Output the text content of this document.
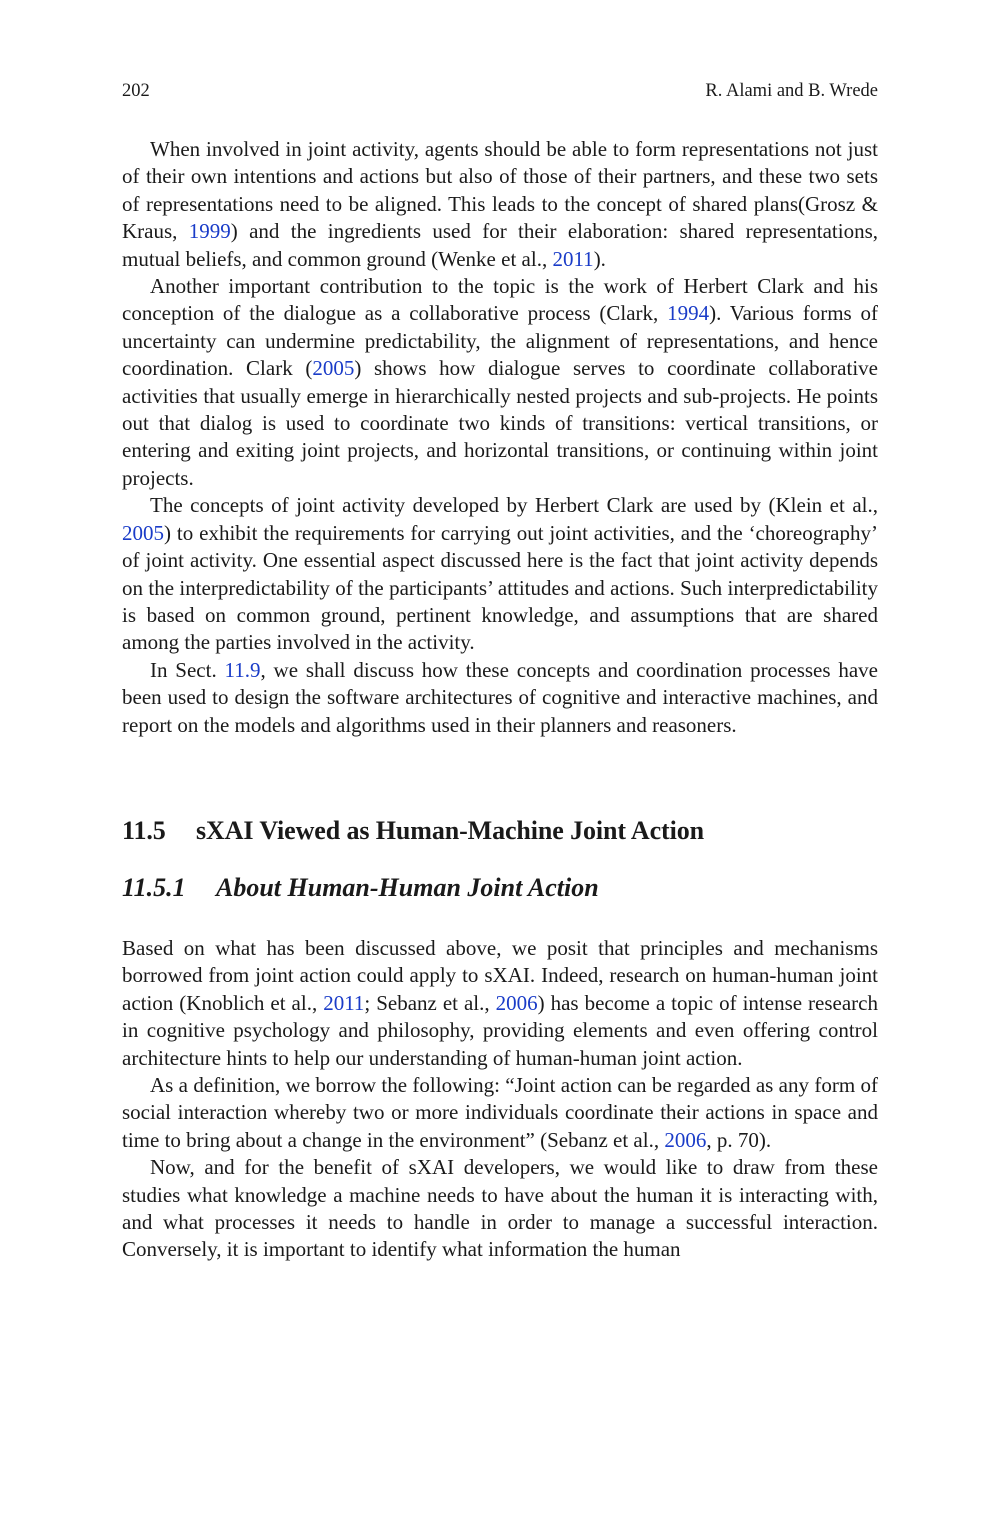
202	R. Alami and B. Wrede

When involved in joint activity, agents should be able to form representations not just of their own intentions and actions but also of those of their partners, and these two sets of representations need to be aligned. This leads to the concept of shared plans(Grosz & Kraus, 1999) and the ingredients used for their elaboration: shared representations, mutual beliefs, and common ground (Wenke et al., 2011).

Another important contribution to the topic is the work of Herbert Clark and his conception of the dialogue as a collaborative process (Clark, 1994). Various forms of uncertainty can undermine predictability, the alignment of representations, and hence coordination. Clark (2005) shows how dialogue serves to coordinate collaborative activities that usually emerge in hierarchically nested projects and sub-projects. He points out that dialog is used to coordinate two kinds of transitions: vertical transitions, or entering and exiting joint projects, and horizontal transitions, or continuing within joint projects.

The concepts of joint activity developed by Herbert Clark are used by (Klein et al., 2005) to exhibit the requirements for carrying out joint activities, and the ‘choreography’ of joint activity. One essential aspect discussed here is the fact that joint activity depends on the interpredictability of the participants’ attitudes and actions. Such interpredictability is based on common ground, pertinent knowledge, and assumptions that are shared among the parties involved in the activity.

In Sect. 11.9, we shall discuss how these concepts and coordination processes have been used to design the software architectures of cognitive and interactive machines, and report on the models and algorithms used in their planners and reasoners.

11.5 sXAI Viewed as Human-Machine Joint Action
11.5.1 About Human-Human Joint Action

Based on what has been discussed above, we posit that principles and mechanisms borrowed from joint action could apply to sXAI. Indeed, research on human-human joint action (Knoblich et al., 2011; Sebanz et al., 2006) has become a topic of intense research in cognitive psychology and philosophy, providing elements and even offering control architecture hints to help our understanding of human-human joint action.

As a definition, we borrow the following: “Joint action can be regarded as any form of social interaction whereby two or more individuals coordinate their actions in space and time to bring about a change in the environment” (Sebanz et al., 2006, p. 70).

Now, and for the benefit of sXAI developers, we would like to draw from these studies what knowledge a machine needs to have about the human it is interacting with, and what processes it needs to handle in order to manage a successful interaction. Conversely, it is important to identify what information the human
